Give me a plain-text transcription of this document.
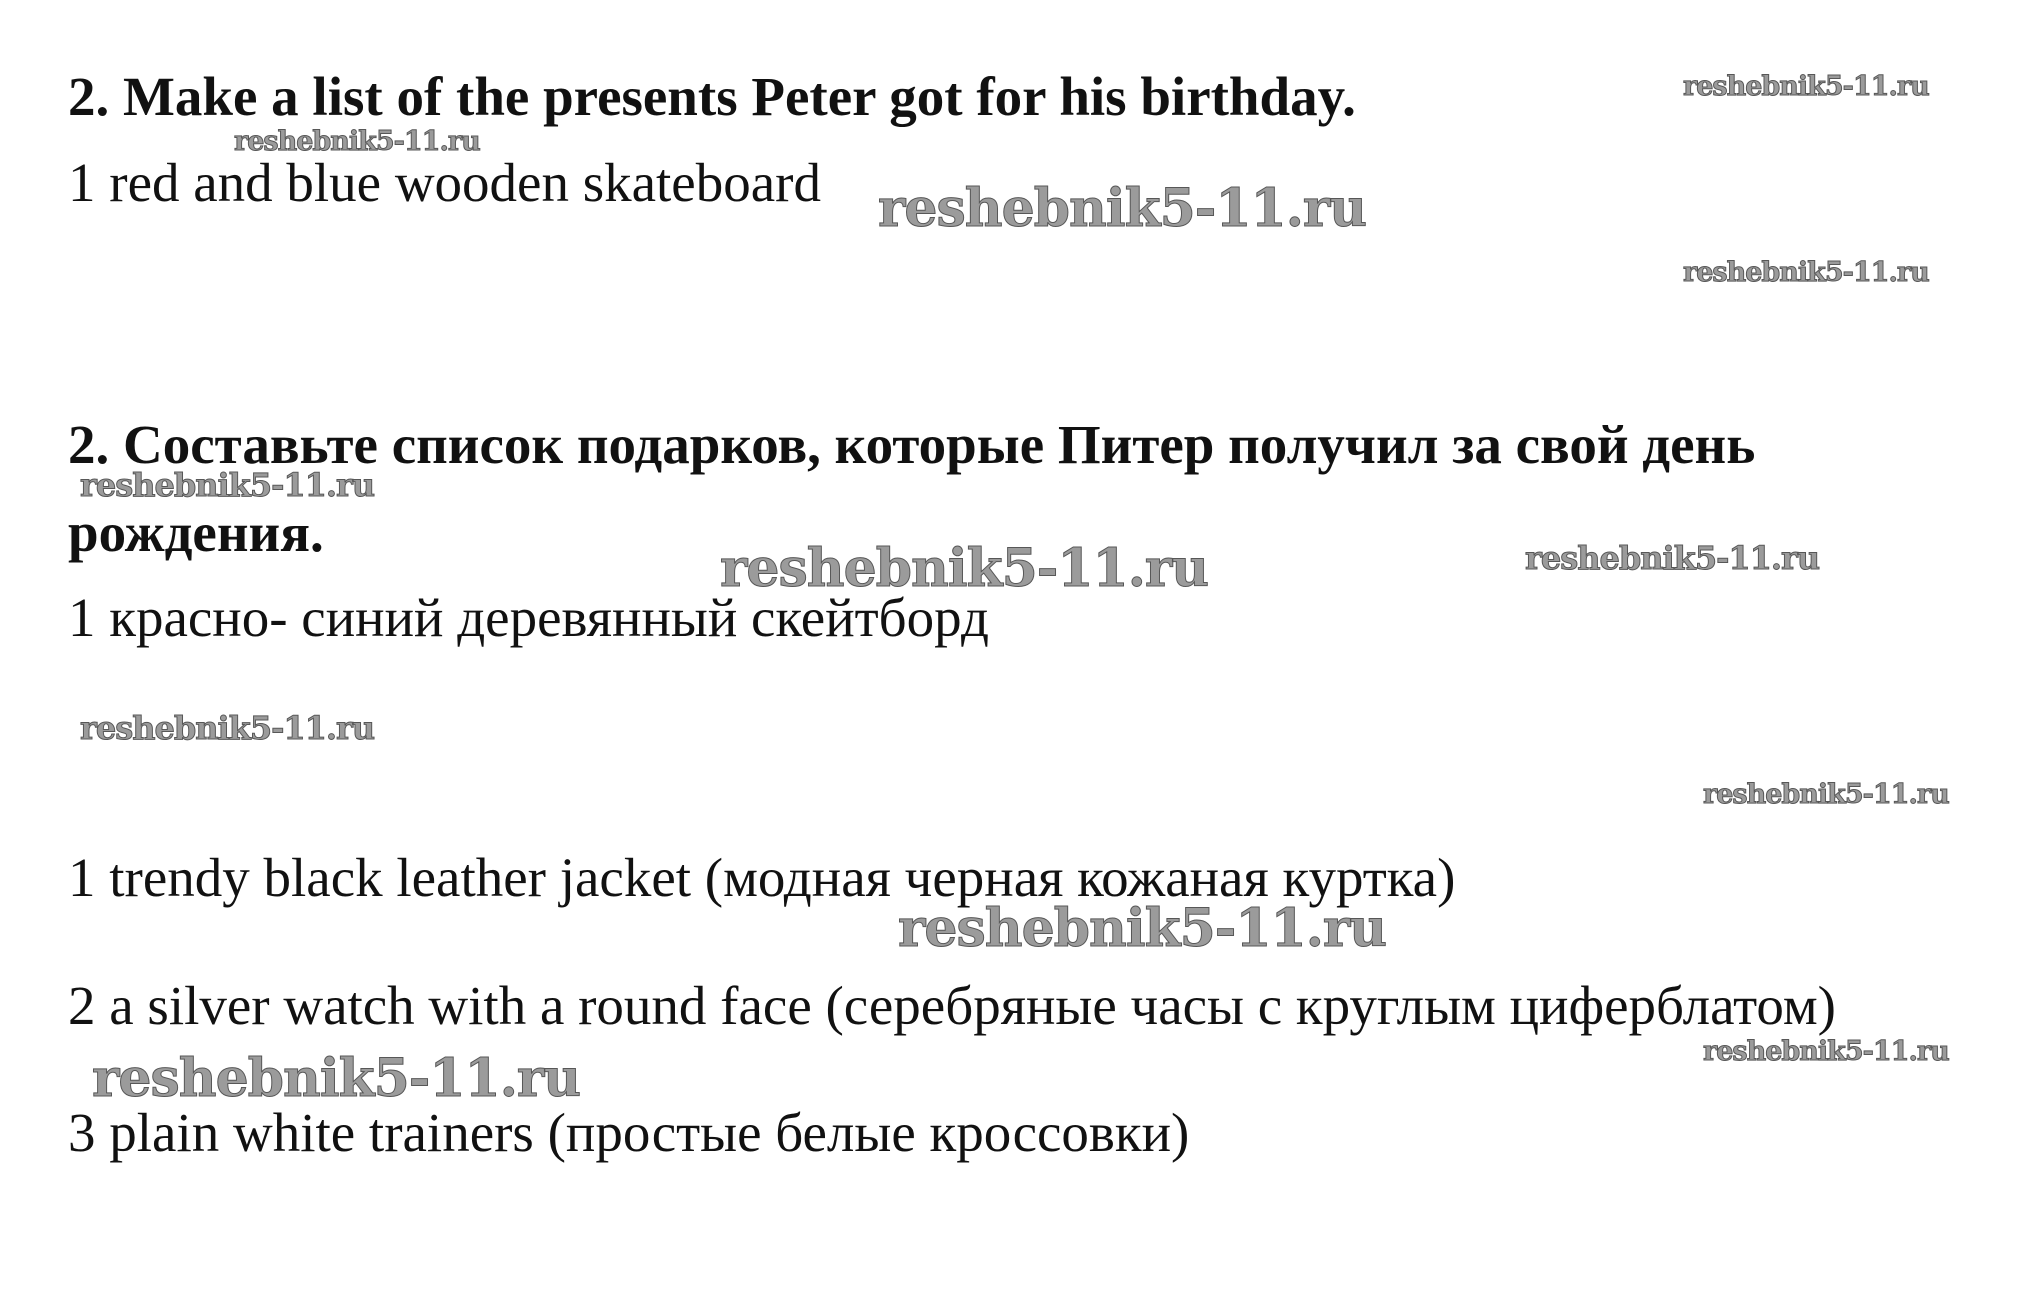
2. Make a list of the presents Peter got for his birthday.
1 red and blue wooden skateboard
2. Составьте список подарков, которые Питер получил за свой день
рождения.
1 красно- синий деревянный скейтборд
1 trendy black leather jacket (модная черная кожаная куртка)
2 a silver watch with a round face (серебряные часы с круглым циферблатом)
3 plain white trainers (простые белые кроссовки)
reshebnik5-11.ru
reshebnik5-11.ru
reshebnik5-11.ru
reshebnik5-11.ru
reshebnik5-11.ru
reshebnik5-11.ru	reshebnik5-11.ru
reshebnik5-11.ru
reshebnik5-11.ru
reshebnik5-11.ru
reshebnik5-11.ru
reshebnik5-11.ru
